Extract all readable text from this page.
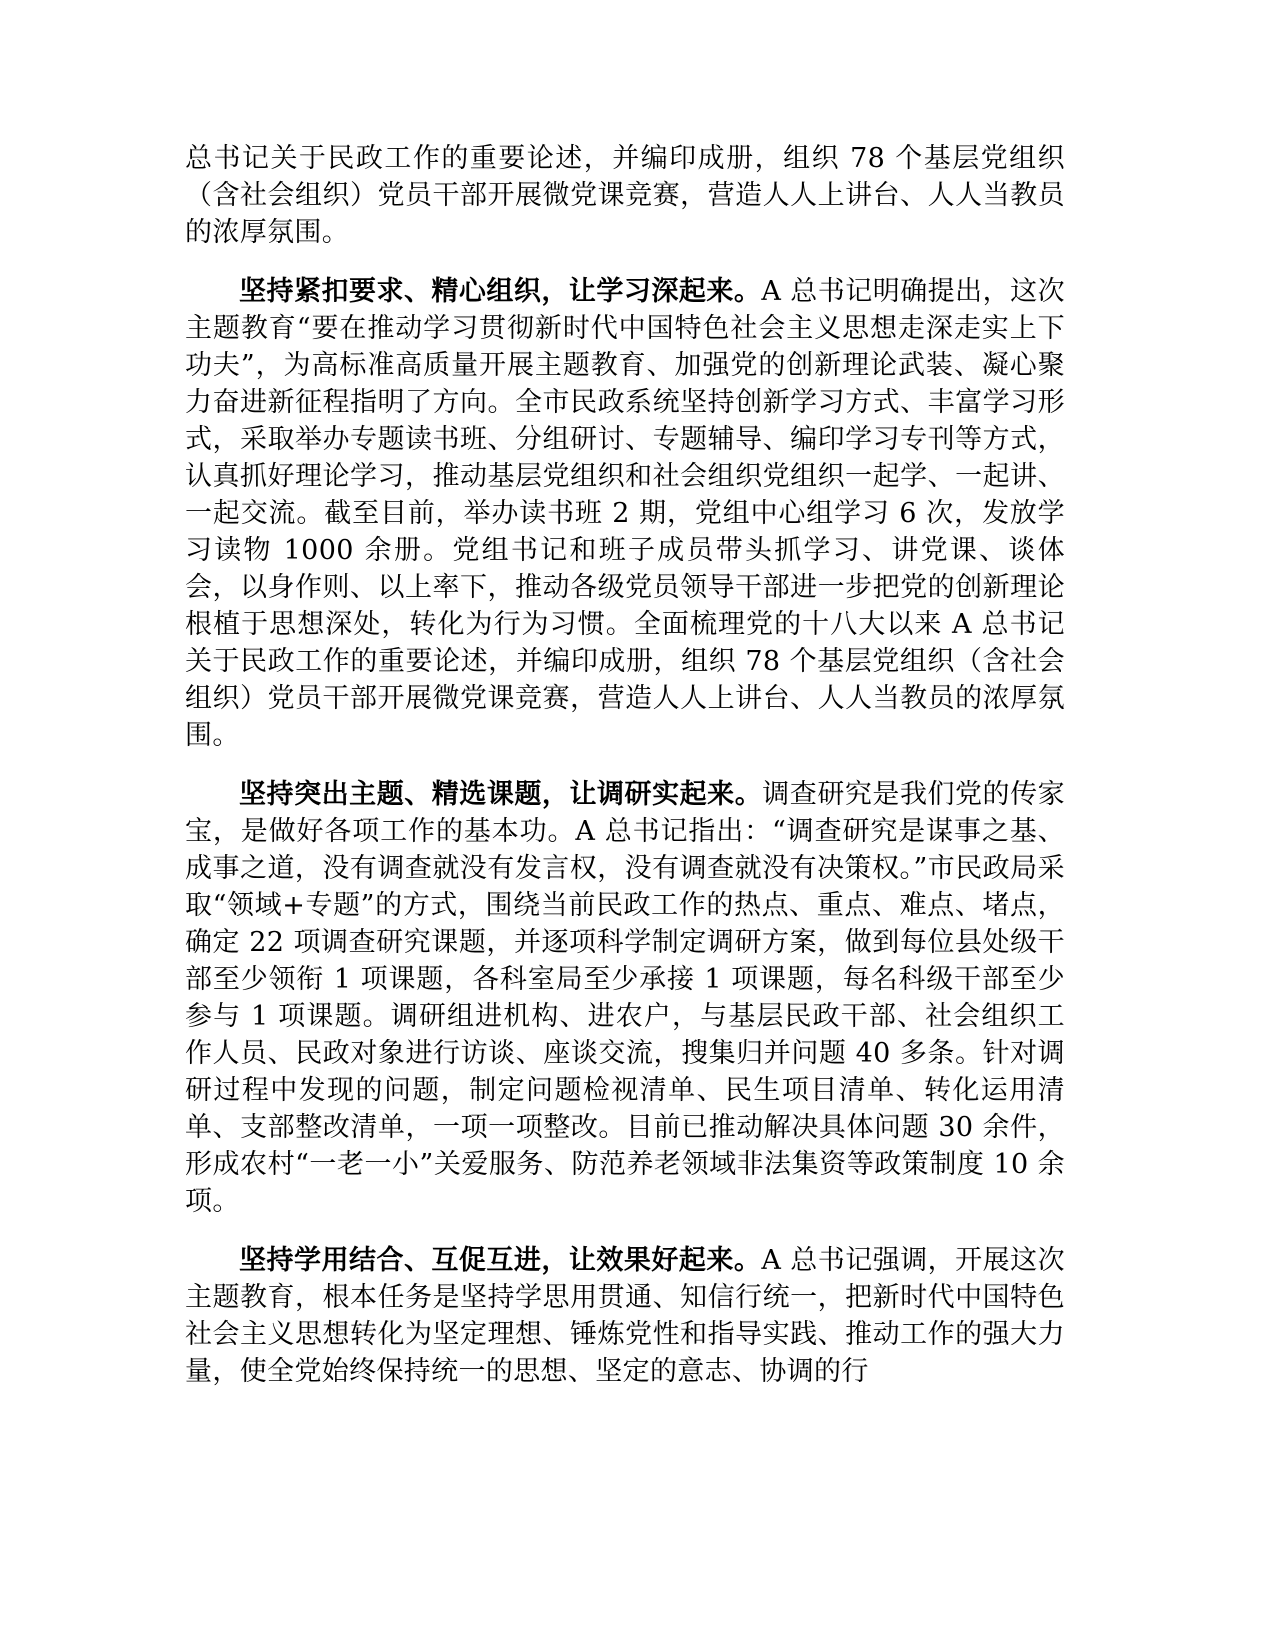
总书记关于民政工作的重要论述，并编印成册，组织 78 个基层党组织（含社会组织）党员干部开展微党课竞赛，营造人人上讲台、人人当教员的浓厚氛围。

坚持紧扣要求、精心组织，让学习深起来。A 总书记明确提出，这次主题教育“要在推动学习贯彻新时代中国特色社会主义思想走深走实上下功夫”，为高标准高质量开展主题教育、加强党的创新理论武装、凝心聚力奋进新征程指明了方向。全市民政系统坚持创新学习方式、丰富学习形式，采取举办专题读书班、分组研讨、专题辅导、编印学习专刊等方式，认真抓好理论学习，推动基层党组织和社会组织党组织一起学、一起讲、一起交流。截至目前，举办读书班 2 期，党组中心组学习 6 次，发放学习读物 1000 余册。党组书记和班子成员带头抓学习、讲党课、谈体会，以身作则、以上率下，推动各级党员领导干部进一步把党的创新理论根植于思想深处，转化为行为习惯。全面梳理党的十八大以来 A 总书记关于民政工作的重要论述，并编印成册，组织 78 个基层党组织（含社会组织）党员干部开展微党课竞赛，营造人人上讲台、人人当教员的浓厚氛围。

坚持突出主题、精选课题，让调研实起来。调查研究是我们党的传家宝，是做好各项工作的基本功。A 总书记指出：“调查研究是谋事之基、成事之道，没有调查就没有发言权，没有调查就没有决策权。”市民政局采取“领域+专题”的方式，围绕当前民政工作的热点、重点、难点、堵点，确定 22 项调查研究课题，并逐项科学制定调研方案，做到每位县处级干部至少领衔 1 项课题，各科室局至少承接 1 项课题，每名科级干部至少参与 1 项课题。调研组进机构、进农户，与基层民政干部、社会组织工作人员、民政对象进行访谈、座谈交流，搜集归并问题 40 多条。针对调研过程中发现的问题，制定问题检视清单、民生项目清单、转化运用清单、支部整改清单，一项一项整改。目前已推动解决具体问题 30 余件，形成农村“一老一小”关爱服务、防范养老领域非法集资等政策制度 10 余项。

坚持学用结合、互促互进，让效果好起来。A 总书记强调，开展这次主题教育，根本任务是坚持学思用贯通、知信行统一，把新时代中国特色社会主义思想转化为坚定理想、锤炼党性和指导实践、推动工作的强大力量，使全党始终保持统一的思想、坚定的意志、协调的行
